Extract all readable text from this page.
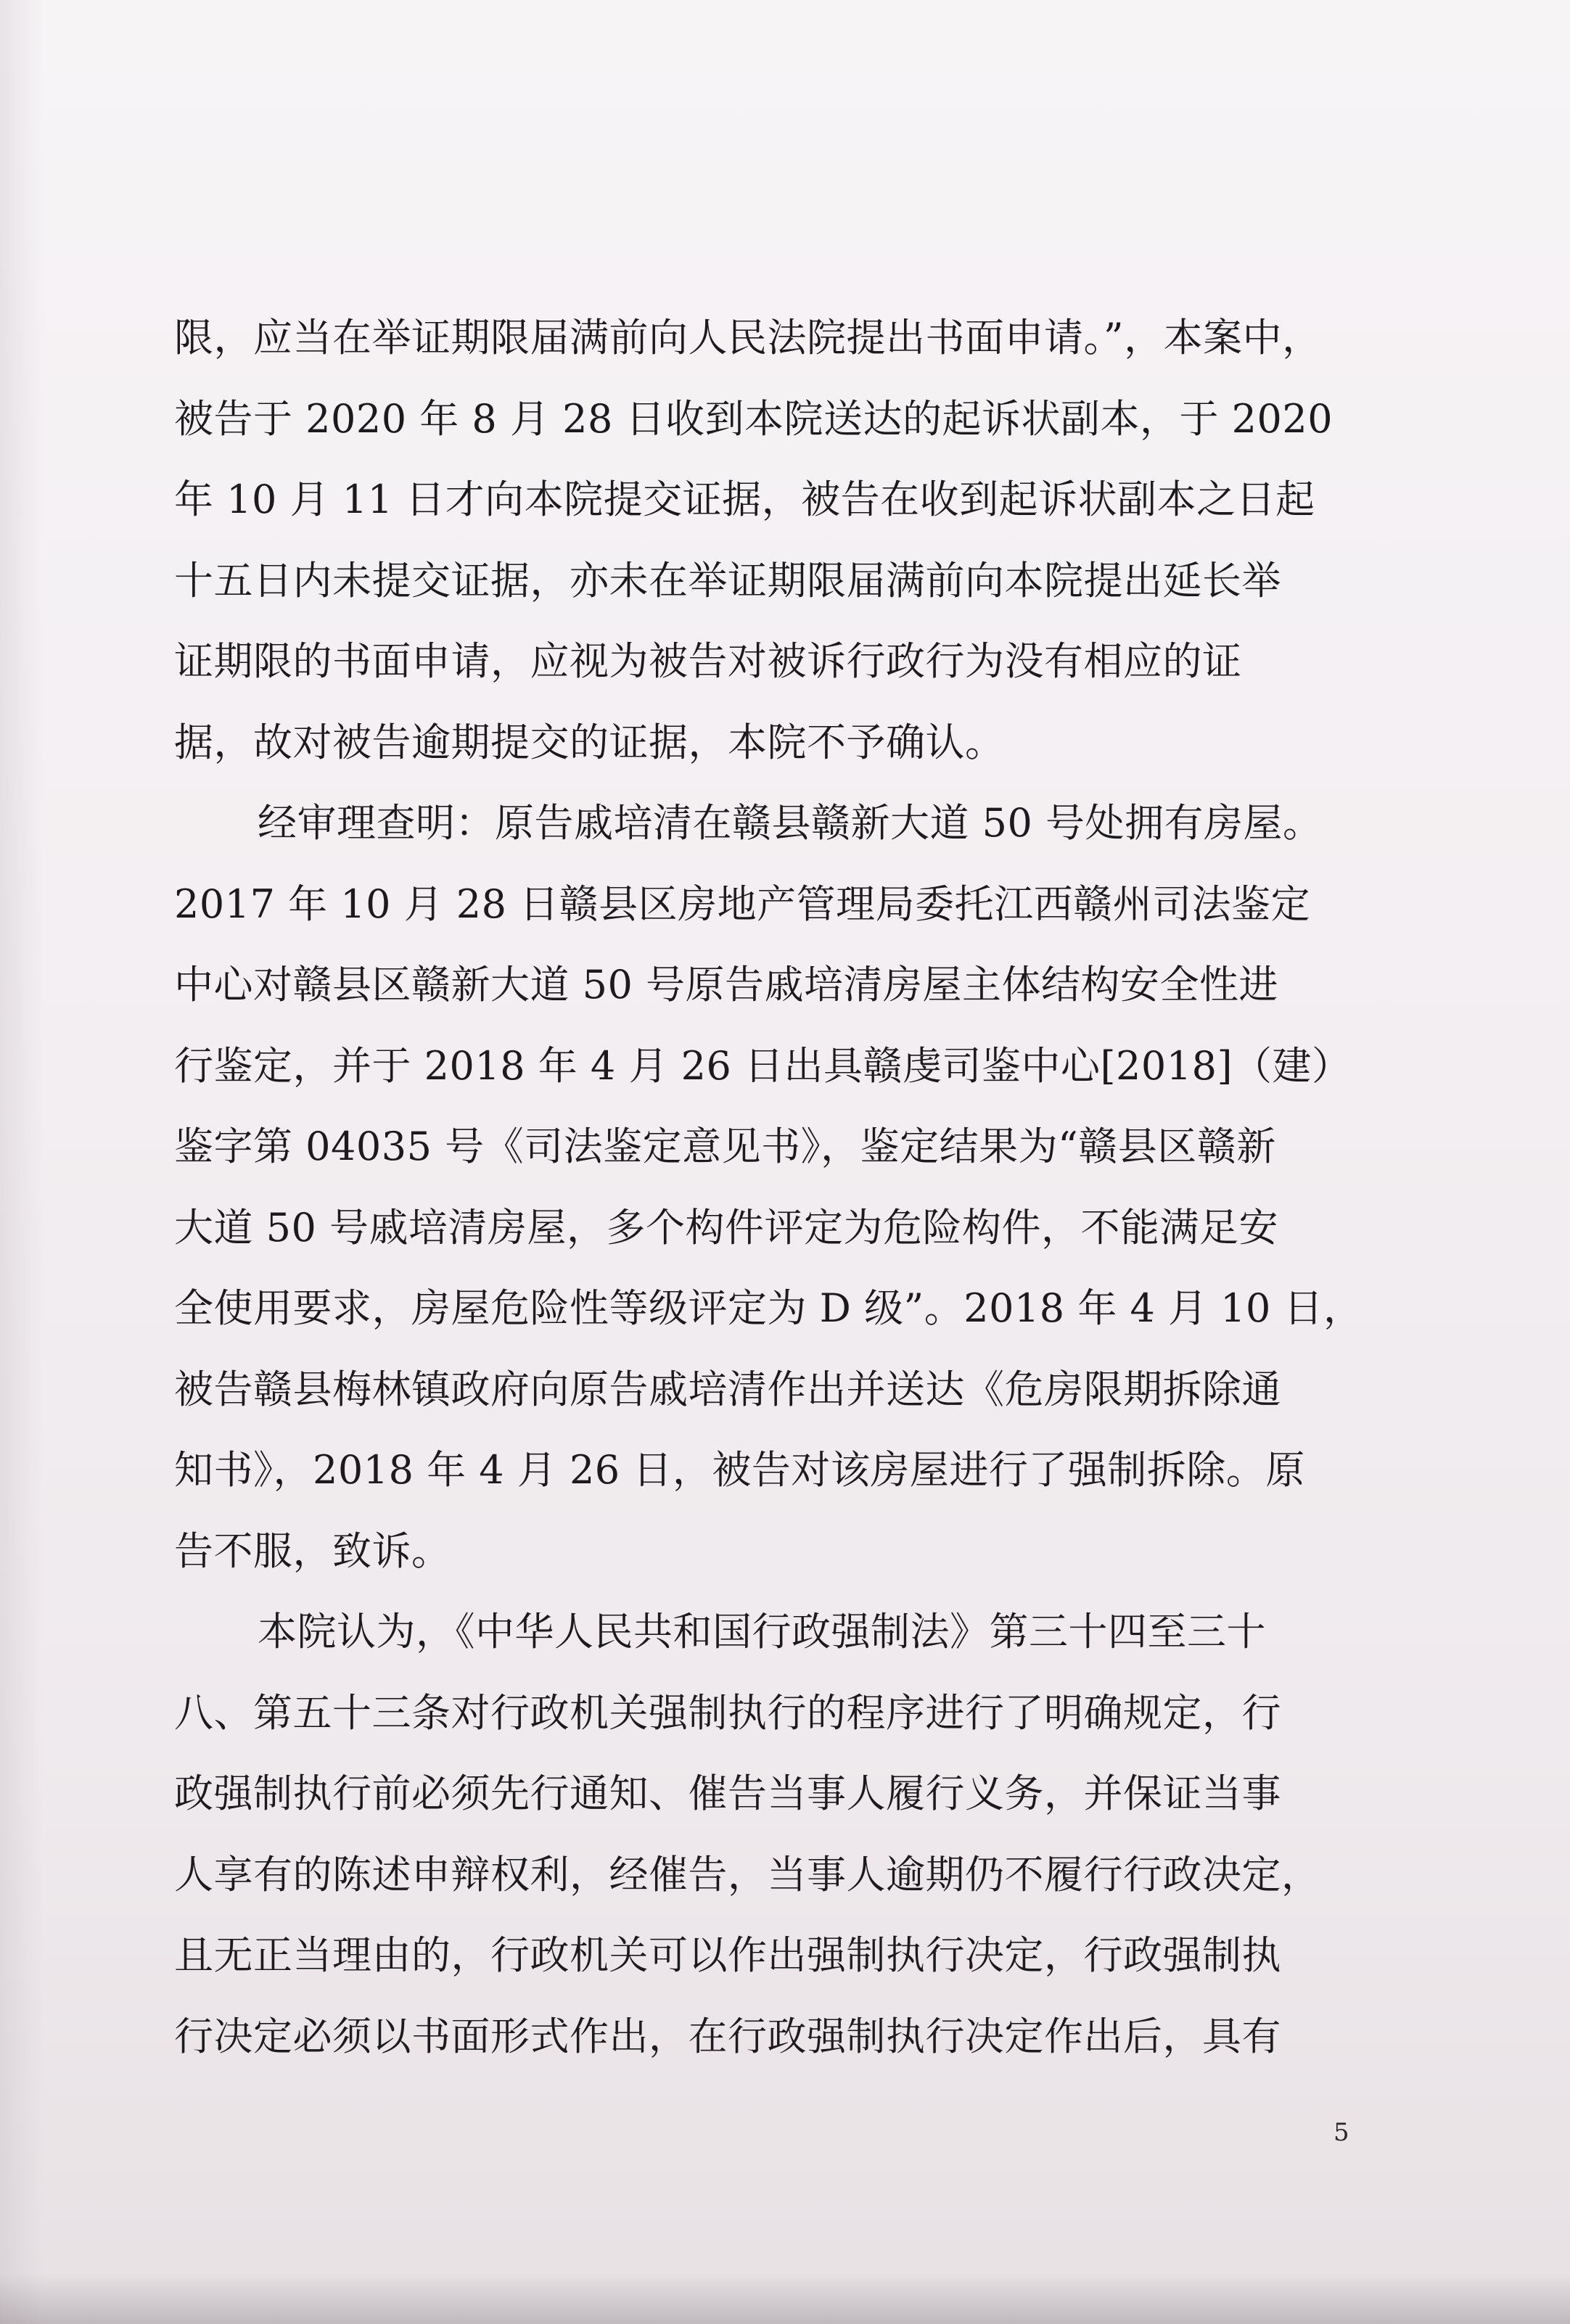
限，应当在举证期限届满前向人民法院提出书面申请。”，本案中，
被告于 2020 年 8 月 28 日收到本院送达的起诉状副本，于 2020
年 10 月 11 日才向本院提交证据，被告在收到起诉状副本之日起
十五日内未提交证据，亦未在举证期限届满前向本院提出延长举
证期限的书面申请，应视为被告对被诉行政行为没有相应的证
据，故对被告逾期提交的证据，本院不予确认。
经审理查明：原告戚培清在赣县赣新大道 50 号处拥有房屋。
2017 年 10 月 28 日赣县区房地产管理局委托江西赣州司法鉴定
中心对赣县区赣新大道 50 号原告戚培清房屋主体结构安全性进
行鉴定，并于 2018 年 4 月 26 日出具赣虔司鉴中心[2018]（建）
鉴字第 04035 号《司法鉴定意见书》，鉴定结果为“赣县区赣新
大道 50 号戚培清房屋，多个构件评定为危险构件，不能满足安
全使用要求，房屋危险性等级评定为 D 级”。2018 年 4 月 10 日，
被告赣县梅林镇政府向原告戚培清作出并送达《危房限期拆除通
知书》，2018 年 4 月 26 日，被告对该房屋进行了强制拆除。原
告不服，致诉。
本院认为，《中华人民共和国行政强制法》第三十四至三十
八、第五十三条对行政机关强制执行的程序进行了明确规定，行
政强制执行前必须先行通知、催告当事人履行义务，并保证当事
人享有的陈述申辩权利，经催告，当事人逾期仍不履行行政决定，
且无正当理由的，行政机关可以作出强制执行决定，行政强制执
行决定必须以书面形式作出，在行政强制执行决定作出后，具有
5
